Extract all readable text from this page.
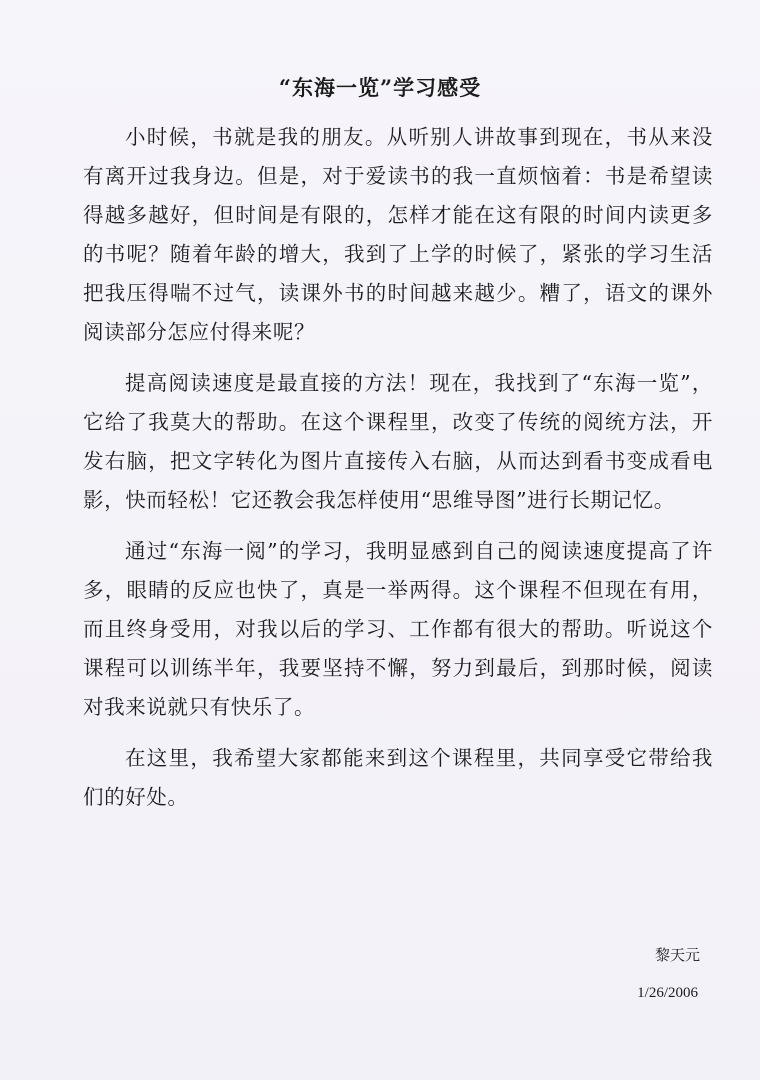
“东海一览”学习感受

小时候，书就是我的朋友。从听别人讲故事到现在，书从来没有离开过我身边。但是，对于爱读书的我一直烦恼着：书是希望读得越多越好，但时间是有限的，怎样才能在这有限的时间内读更多的书呢？随着年龄的增大，我到了上学的时候了，紧张的学习生活把我压得喘不过气，读课外书的时间越来越少。糟了，语文的课外阅读部分怎应付得来呢？

提高阅读速度是最直接的方法！现在，我找到了“东海一览”，它给了我莫大的帮助。在这个课程里，改变了传统的阅统方法，开发右脑，把文字转化为图片直接传入右脑，从而达到看书变成看电影，快而轻松！它还教会我怎样使用“思维导图”进行长期记忆。

通过“东海一阅”的学习，我明显感到自己的阅读速度提高了许多，眼睛的反应也快了，真是一举两得。这个课程不但现在有用，而且终身受用，对我以后的学习、工作都有很大的帮助。听说这个课程可以训练半年，我要坚持不懈，努力到最后，到那时候，阅读对我来说就只有快乐了。

在这里，我希望大家都能来到这个课程里，共同享受它带给我们的好处。

黎天元
1/26/2006
